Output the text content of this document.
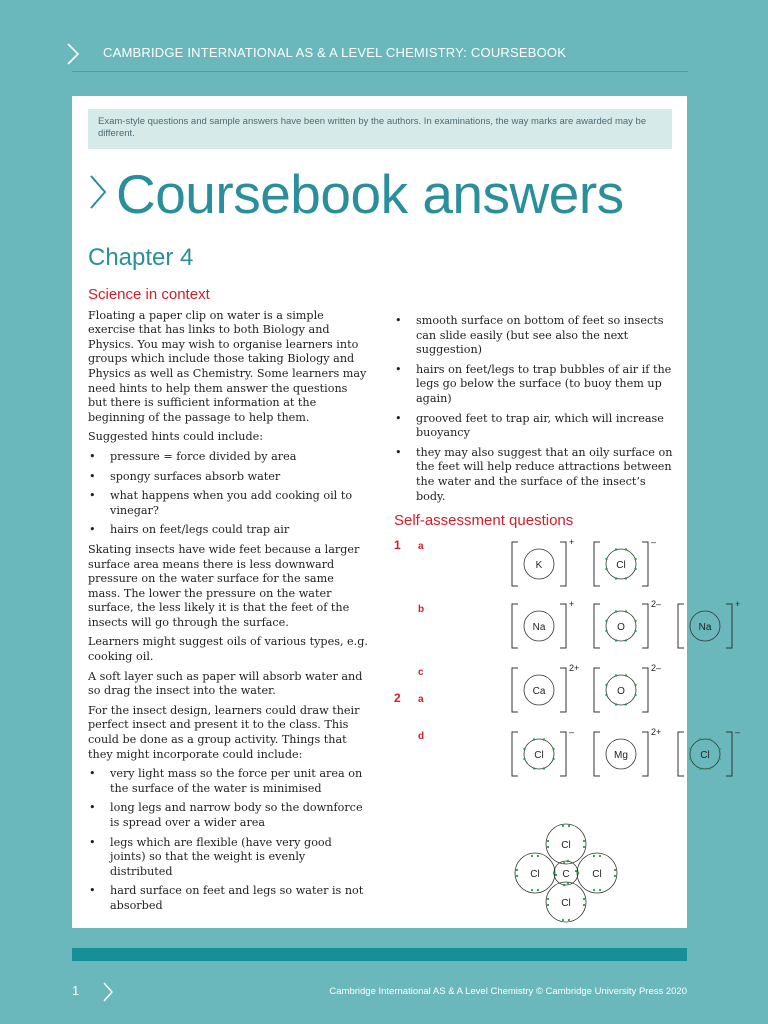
CAMBRIDGE INTERNATIONAL AS & A LEVEL CHEMISTRY: COURSEBOOK
Exam-style questions and sample answers have been written by the authors. In examinations, the way marks are awarded may be different.
Coursebook answers
Chapter 4
Science in context

Floating a paper clip on water is a simple exercise that has links to both Biology and Physics. You may wish to organise learners into groups which include those taking Biology and Physics as well as Chemistry. Some learners may need hints to help them answer the questions but there is sufficient information at the beginning of the passage to help them.

Suggested hints could include:

• pressure = force divided by area
• spongy surfaces absorb water
• what happens when you add cooking oil to vinegar?
• hairs on feet/legs could trap air

Skating insects have wide feet because a larger surface area means there is less downward pressure on the water surface for the same mass. The lower the pressure on the water surface, the less likely it is that the feet of the insects will go through the surface.

Learners might suggest oils of various types, e.g. cooking oil.

A soft layer such as paper will absorb water and so drag the insect into the water.

For the insect design, learners could draw their perfect insect and present it to the class. This could be done as a group activity. Things that they might incorporate could include:

• very light mass so the force per unit area on the surface of the water is minimised
• long legs and narrow body so the downforce is spread over a wider area
• legs which are flexible (have very good joints) so that the weight is evenly distributed
• hard surface on feet and legs so water is not absorbed
• smooth surface on bottom of feet so insects can slide easily (but see also the next suggestion)
• hairs on feet/legs to trap bubbles of air if the legs go below the surface (to buoy them up again)
• grooved feet to trap air, which will increase buoyancy
• they may also suggest that an oily surface on the feet will help reduce attractions between the water and the surface of the insect’s body.
Self-assessment questions
1 a
b
c
d
2 a
K
+
Cl
–
Na
+
O
2–
Na
+
Ca
2+
O
2–
Cl
–
Mg
2+
Cl
–
Cl
Cl C Cl
Cl
1	Cambridge International AS & A Level Chemistry © Cambridge University Press 2020
